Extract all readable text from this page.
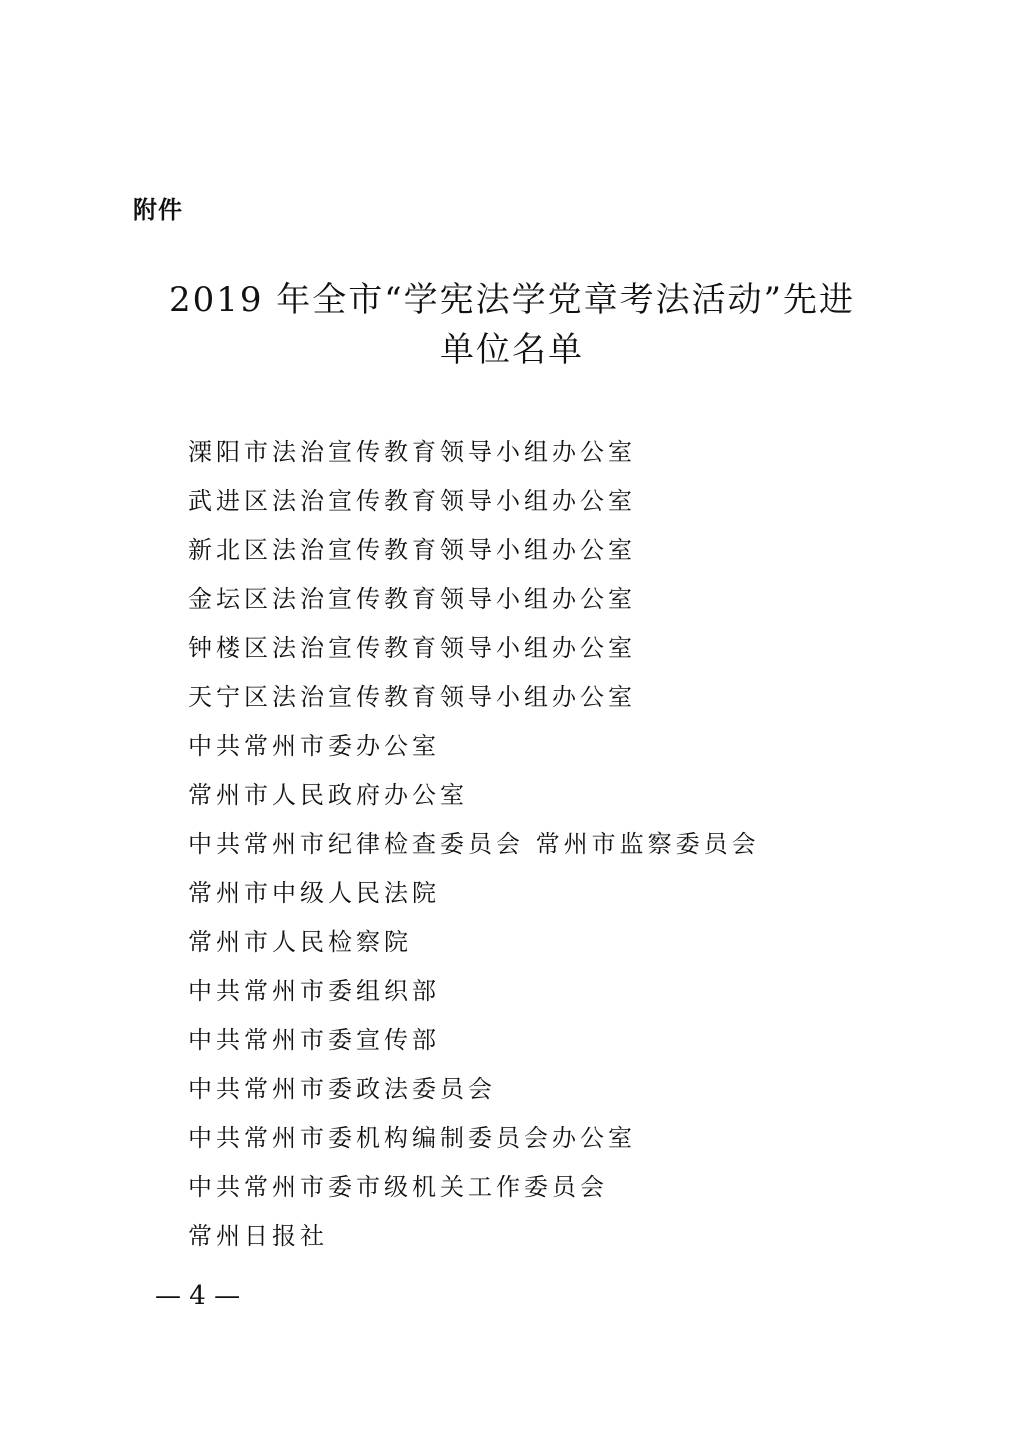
附件
2019 年全市“学宪法学党章考法活动”先进
单位名单
溧阳市法治宣传教育领导小组办公室
武进区法治宣传教育领导小组办公室
新北区法治宣传教育领导小组办公室
金坛区法治宣传教育领导小组办公室
钟楼区法治宣传教育领导小组办公室
天宁区法治宣传教育领导小组办公室
中共常州市委办公室
常州市人民政府办公室
中共常州市纪律检查委员会 常州市监察委员会
常州市中级人民法院
常州市人民检察院
中共常州市委组织部
中共常州市委宣传部
中共常州市委政法委员会
中共常州市委机构编制委员会办公室
中共常州市委市级机关工作委员会
常州日报社
— 4 —
